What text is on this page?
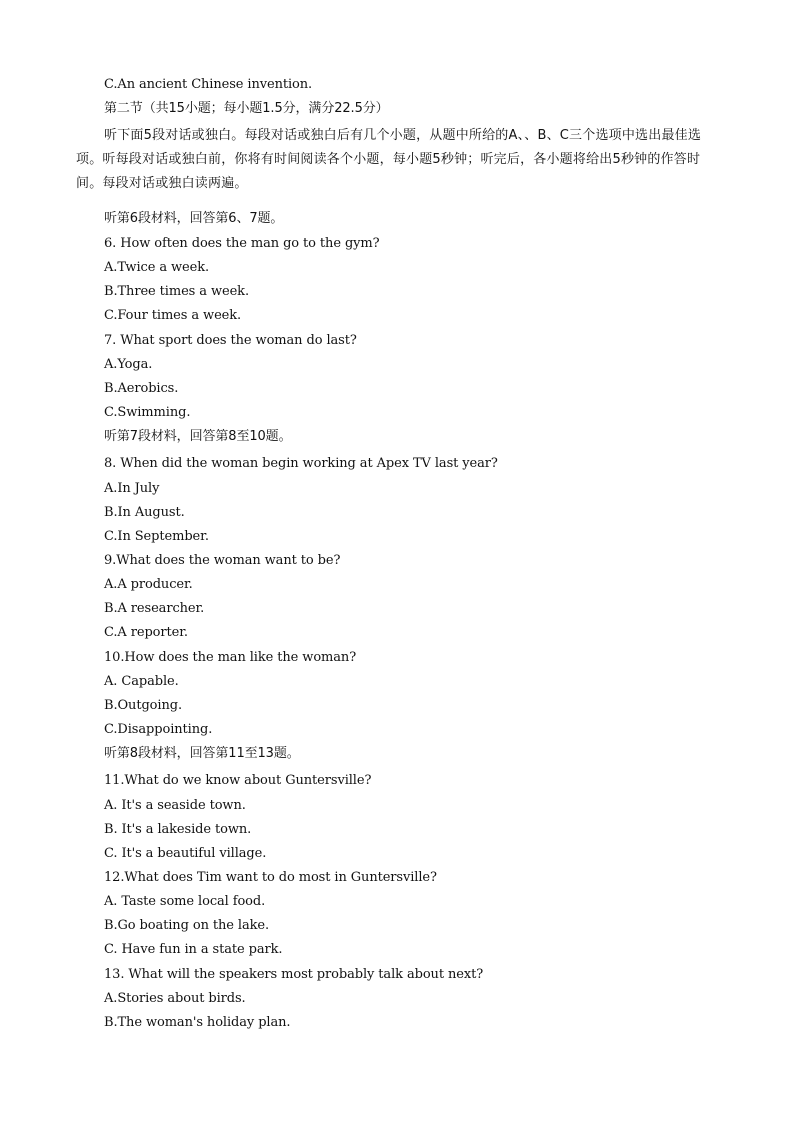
C.An ancient Chinese invention.
第二节（共15小题；每小题1.5分，满分22.5分）
听下面5段对话或独白。每段对话或独白后有几个小题，从题中所给的A、、B、C三个选项中选出最佳选项。听每段对话或独白前，你将有时间阅读各个小题，每小题5秒钟；听完后，各小题将给出5秒钟的作答时间。每段对话或独白读两遍。
听第6段材料，回答第6、7题。
6. How often does the man go to the gym?
A.Twice a week.
B.Three times a week.
C.Four times a week.
7. What sport does the woman do last?
A.Yoga.
B.Aerobics.
C.Swimming.
听第7段材料，回答第8至10题。
8. When did the woman begin working at Apex TV last year?
A.In July
B.In August.
C.In September.
9.What does the woman want to be?
A.A producer.
B.A researcher.
C.A reporter.
10.How does the man like the woman?
A. Capable.
B.Outgoing.
C.Disappointing.
听第8段材料，回答第11至13题。
11.What do we know about Guntersville?
A. It's a seaside town.
B. It's a lakeside town.
C. It's a beautiful village.
12.What does Tim want to do most in Guntersville?
A. Taste some local food.
B.Go boating on the lake.
C. Have fun in a state park.
13. What will the speakers most probably talk about next?
A.Stories about birds.
B.The woman's holiday plan.
